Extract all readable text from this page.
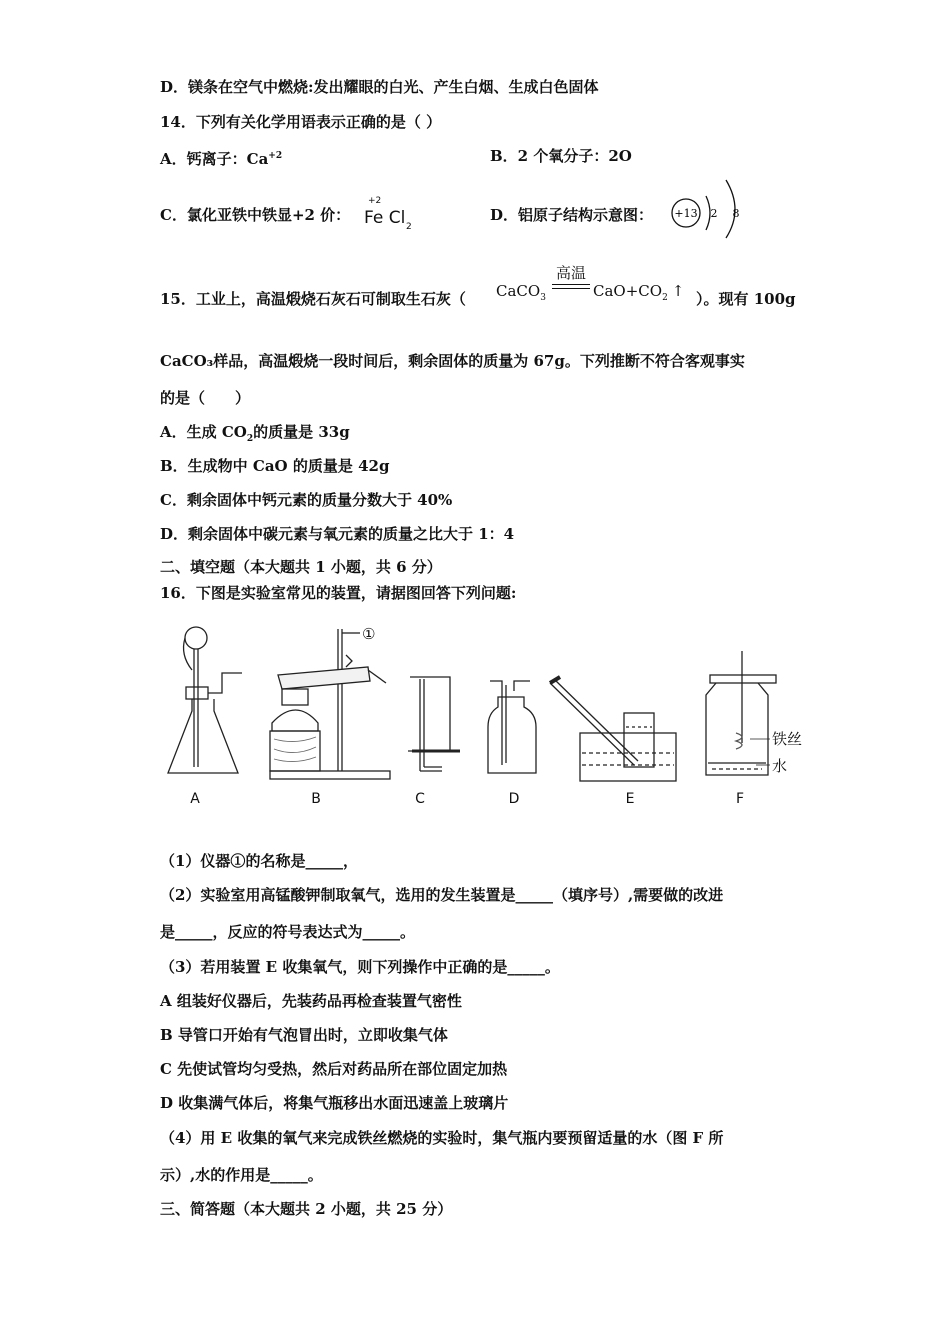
D．镁条在空气中燃烧:发出耀眼的白光、产生白烟、生成白色固体
14．下列有关化学用语表示正确的是（ ）
A．钙离子：$Ca^{+2}$	B．2 个氧分子：2O
C．氯化亚铁中铁显+2 价：
+2
Fe Cl 2
D．铝原子结构示意图： +13 2 8
15．工业上，高温煅烧石灰石可制取生石灰（ CaCO$_3$
高温
$CaO+CO_2$ ↑ ）。现有 100g
CaCO₃样品，高温煅烧一段时间后，剩余固体的质量为 67g。下列推断不符合客观事实
的是（　　）
A．生成 $CO_2$的质量是 33g
B．生成物中 CaO 的质量是 42g
C．剩余固体中钙元素的质量分数大于 40%
D．剩余固体中碳元素与氧元素的质量之比大于 1：4
二、填空题（本大题共 1 小题，共 6 分）
16．下图是实验室常见的装置，请据图回答下列问题:
①
铁丝
水
A	B	C	D	E	F
（1）仪器①的名称是_____，
（2）实验室用高锰酸钾制取氧气，选用的发生装置是_____（填序号）,需要做的改进
是_____，反应的符号表达式为_____。
（3）若用装置 E 收集氧气，则下列操作中正确的是_____。
A 组装好仪器后，先装药品再检查装置气密性
B 导管口开始有气泡冒出时，立即收集气体
C 先使试管均匀受热，然后对药品所在部位固定加热
D 收集满气体后，将集气瓶移出水面迅速盖上玻璃片
（4）用 E 收集的氧气来完成铁丝燃烧的实验时，集气瓶内要预留适量的水（图 F 所
示）,水的作用是_____。
三、简答题（本大题共 2 小题，共 25 分）
